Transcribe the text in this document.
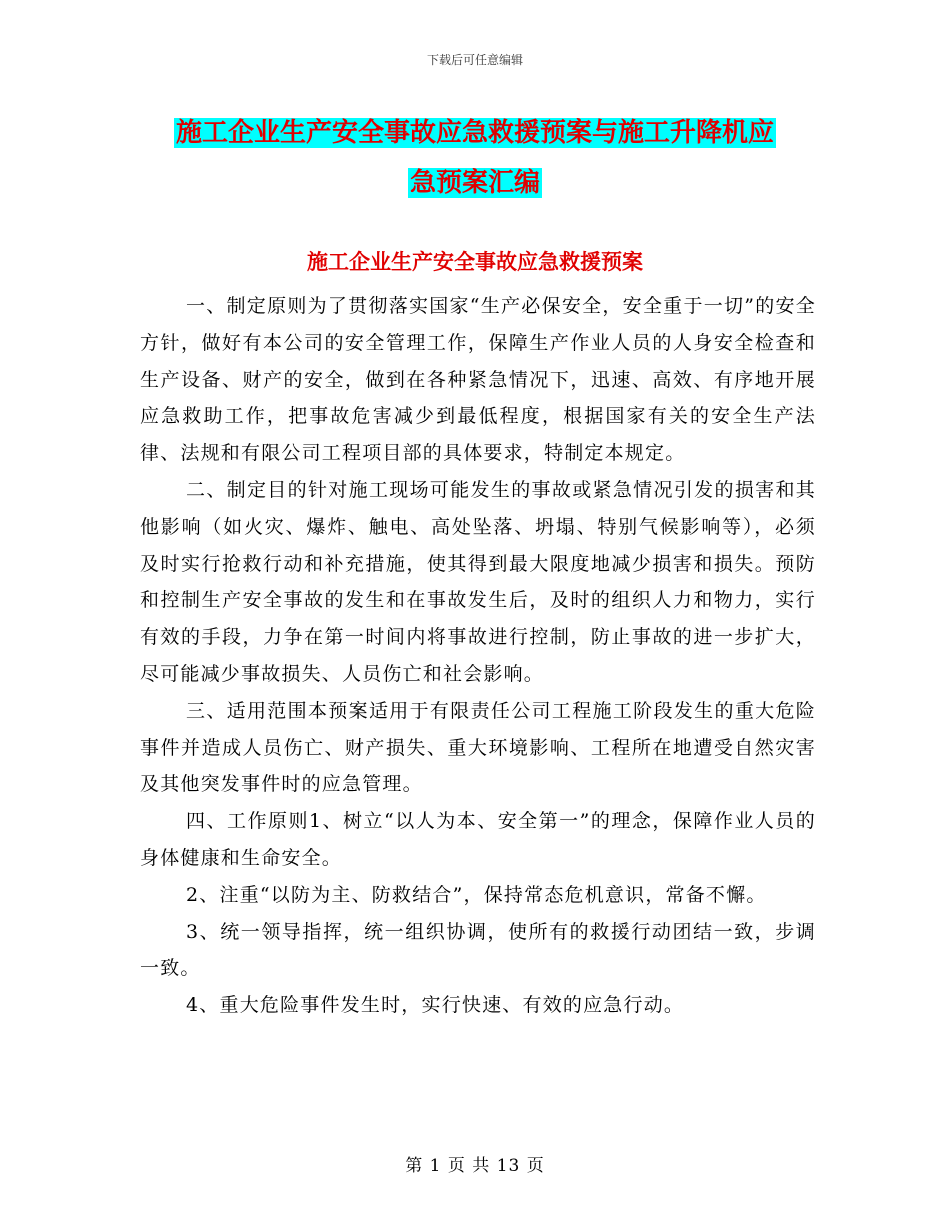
下载后可任意编辑
施工企业生产安全事故应急救援预案与施工升降机应
急预案汇编
施工企业生产安全事故应急救援预案

一、制定原则为了贯彻落实国家“生产必保安全，安全重于一切”的安全方针，做好有本公司的安全管理工作，保障生产作业人员的人身安全检查和生产设备、财产的安全，做到在各种紧急情况下，迅速、高效、有序地开展应急救助工作，把事故危害减少到最低程度，根据国家有关的安全生产法律、法规和有限公司工程项目部的具体要求，特制定本规定。

二、制定目的针对施工现场可能发生的事故或紧急情况引发的损害和其他影响（如火灾、爆炸、触电、高处坠落、坍塌、特别气候影响等），必须及时实行抢救行动和补充措施，使其得到最大限度地减少损害和损失。预防和控制生产安全事故的发生和在事故发生后，及时的组织人力和物力，实行有效的手段，力争在第一时间内将事故进行控制，防止事故的进一步扩大，尽可能减少事故损失、人员伤亡和社会影响。

三、适用范围本预案适用于有限责任公司工程施工阶段发生的重大危险事件并造成人员伤亡、财产损失、重大环境影响、工程所在地遭受自然灾害及其他突发事件时的应急管理。

四、工作原则1、树立“以人为本、安全第一”的理念，保障作业人员的身体健康和生命安全。

2、注重“以防为主、防救结合”，保持常态危机意识，常备不懈。

3、统一领导指挥，统一组织协调，使所有的救援行动团结一致，步调一致。

4、重大危险事件发生时，实行快速、有效的应急行动。

第 1 页 共 13 页
